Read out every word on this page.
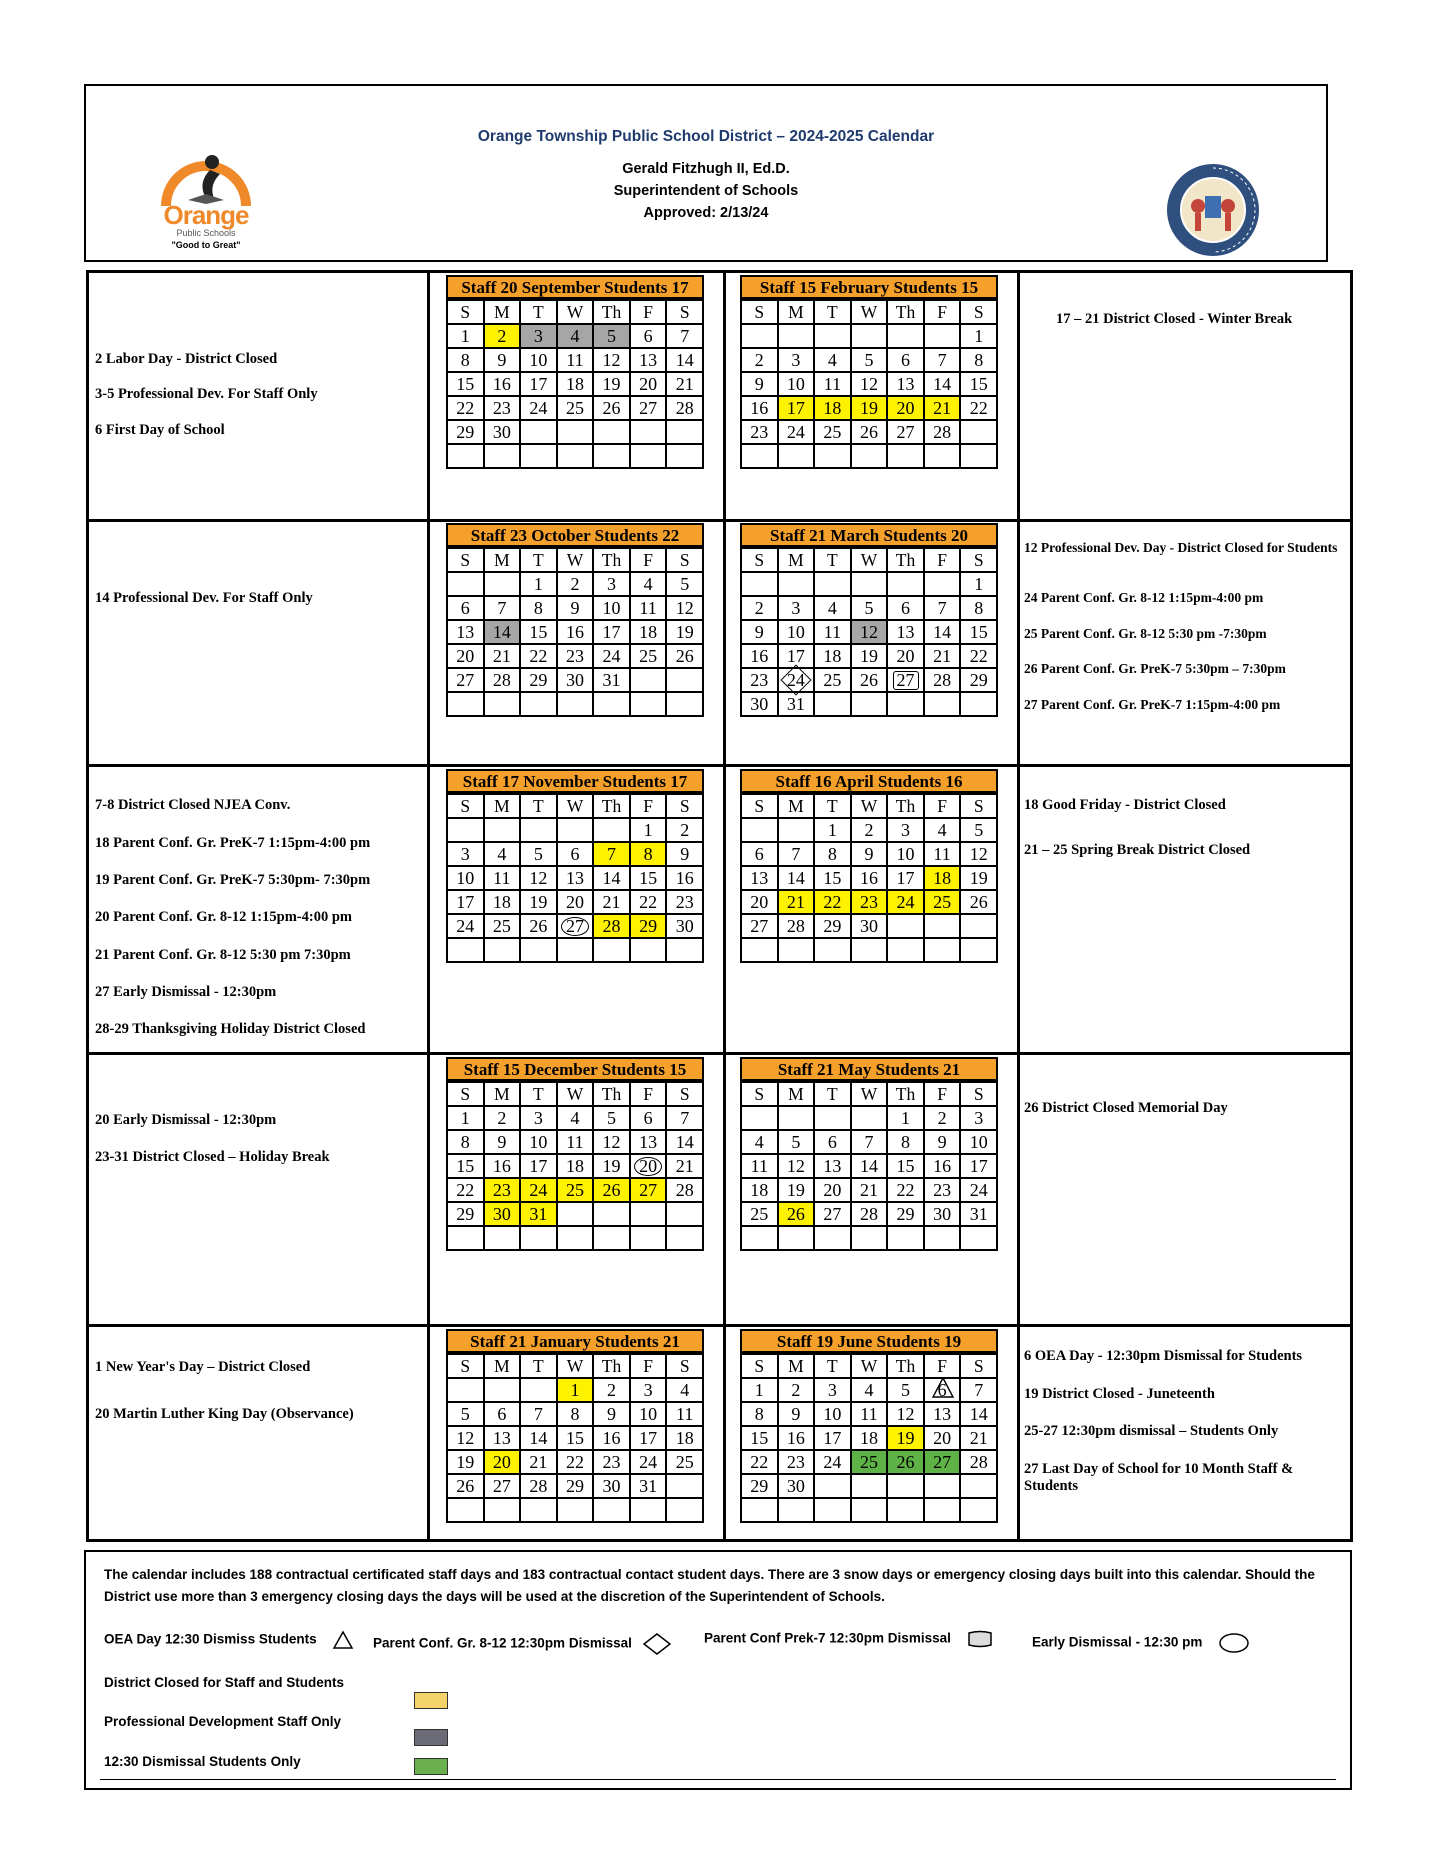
Orange
Public Schools
"Good to Great"
Orange Township Public School District – 2024-2025 Calendar
Gerald Fitzhugh II, Ed.D.
Superintendent of Schools
Approved: 2/13/24

2 Labor Day - District Closed

3-5 Professional Dev. For Staff Only

6 First Day of School

Staff 20 September Students 17
S	M	T	W	Th	F	S
1	2	3	4	5	6	7
8	9	10	11	12	13	14
15	16	17	18	19	20	21
22	23	24	25	26	27	28
29	30					

Staff 15 February Students 15
S	M	T	W	Th	F	S
						1
2	3	4	5	6	7	8
9	10	11	12	13	14	15
16	17	18	19	20	21	22
23	24	25	26	27	28	

17 – 21 District Closed - Winter Break

14 Professional Dev. For Staff Only

Staff 23 October Students 22
S	M	T	W	Th	F	S
		1	2	3	4	5
6	7	8	9	10	11	12
13	14	15	16	17	18	19
20	21	22	23	24	25	26
27	28	29	30	31		

Staff 21 March Students 20
S	M	T	W	Th	F	S
						1
2	3	4	5	6	7	8
9	10	11	12	13	14	15
16	17	18	19	20	21	22
23	24	25	26	27	28	29
30	31					

12 Professional Dev. Day - District Closed for Students

24 Parent Conf. Gr. 8-12 1:15pm-4:00 pm

25 Parent Conf. Gr. 8-12 5:30 pm -7:30pm

26 Parent Conf. Gr. PreK-7 5:30pm – 7:30pm

27 Parent Conf. Gr. PreK-7 1:15pm-4:00 pm

7-8 District Closed NJEA Conv.

18 Parent Conf. Gr. PreK-7 1:15pm-4:00 pm

19 Parent Conf. Gr. PreK-7 5:30pm- 7:30pm

20 Parent Conf. Gr. 8-12 1:15pm-4:00 pm

21 Parent Conf. Gr. 8-12 5:30 pm 7:30pm

27 Early Dismissal - 12:30pm

28-29 Thanksgiving Holiday District Closed

Staff 17 November Students 17
S	M	T	W	Th	F	S
					1	2
3	4	5	6	7	8	9
10	11	12	13	14	15	16
17	18	19	20	21	22	23
24	25	26	27	28	29	30

Staff 16 April Students 16
S	M	T	W	Th	F	S
		1	2	3	4	5
6	7	8	9	10	11	12
13	14	15	16	17	18	19
20	21	22	23	24	25	26
27	28	29	30			

18 Good Friday - District Closed

21 – 25 Spring Break District Closed

20 Early Dismissal - 12:30pm

23-31 District Closed – Holiday Break

Staff 15 December Students 15
S	M	T	W	Th	F	S
1	2	3	4	5	6	7
8	9	10	11	12	13	14
15	16	17	18	19	20	21
22	23	24	25	26	27	28
29	30	31				

Staff 21 May Students 21
S	M	T	W	Th	F	S
				1	2	3
4	5	6	7	8	9	10
11	12	13	14	15	16	17
18	19	20	21	22	23	24
25	26	27	28	29	30	31

26 District Closed Memorial Day

1 New Year's Day – District Closed

20 Martin Luther King Day (Observance)

Staff 21 January Students 21
S	M	T	W	Th	F	S
			1	2	3	4
5	6	7	8	9	10	11
12	13	14	15	16	17	18
19	20	21	22	23	24	25
26	27	28	29	30	31	

Staff 19 June Students 19
S	M	T	W	Th	F	S
1	2	3	4	5	6	7
8	9	10	11	12	13	14
15	16	17	18	19	20	21
22	23	24	25	26	27	28
29	30					

6 OEA Day - 12:30pm Dismissal for Students

19 District Closed - Juneteenth

25-27 12:30pm dismissal – Students Only

27 Last Day of School for 10 Month Staff & Students

The calendar includes 188 contractual certificated staff days and 183 contractual contact student days. There are 3 snow days or emergency closing days built into this calendar. Should the District use more than 3 emergency closing days the days will be used at the discretion of the Superintendent of Schools.
OEA Day 12:30 Dismiss Students	Parent Conf. Gr. 8-12 12:30pm Dismissal	Parent Conf Prek-7 12:30pm Dismissal	Early Dismissal - 12:30 pm
District Closed for Staff and Students
Professional Development Staff Only
12:30 Dismissal Students Only
